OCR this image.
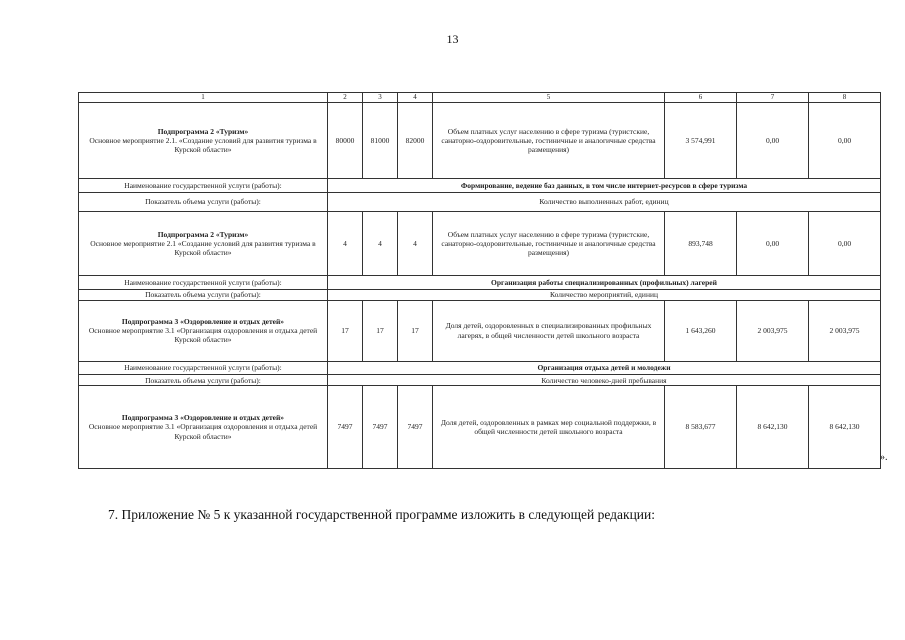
13
1	2	3	4	5	6	7	8

Подпрограмма 2 «Туризм»
Основное мероприятие 2.1. «Создание условий для развития туризма в Курской области»	80000	81000	82000	Объем платных услуг населению в сфере туризма (туристские, санаторно-оздоровительные, гостиничные и аналогичные средства размещения)	3 574,991	0,00	0,00
Наименование государственной услуги (работы):	Формирование, ведение баз данных, в том числе интернет-ресурсов в сфере туризма						
Показатель объема услуги (работы):	Количество выполненных работ, единиц						

Подпрограмма 2 «Туризм»
Основное мероприятие 2.1 «Создание условий для развития туризма в Курской области»	4	4	4	Объем платных услуг населению в сфере туризма (туристские, санаторно-оздоровительные, гостиничные и аналогичные средства размещения)	893,748	0,00	0,00
Наименование государственной услуги (работы):	Организация работы специализированных (профильных) лагерей						
Показатель объема услуги (работы):	Количество мероприятий, единиц						

Подпрограмма 3 «Оздоровление и отдых детей»
Основное мероприятие 3.1 «Организация оздоровления и отдыха детей Курской области»	17	17	17	Доля детей, оздоровленных в специализированных профильных лагерях, в общей численности детей школьного возраста	1 643,260	2 003,975	2 003,975
Наименование государственной услуги (работы):	Организация отдыха детей и молодежи						
Показатель объема услуги (работы):	Количество человеко-дней пребывания						

Подпрограмма 3 «Оздоровление и отдых детей»
Основное мероприятие 3.1 «Организация оздоровления и отдыха детей Курской области»	7497	7497	7497	Доля детей, оздоровленных в рамках мер социальной поддержки, в общей численности детей школьного возраста	8 583,677	8 642,130	8 642,130
».
7. Приложение № 5 к указанной государственной программе изложить в следующей редакции:
